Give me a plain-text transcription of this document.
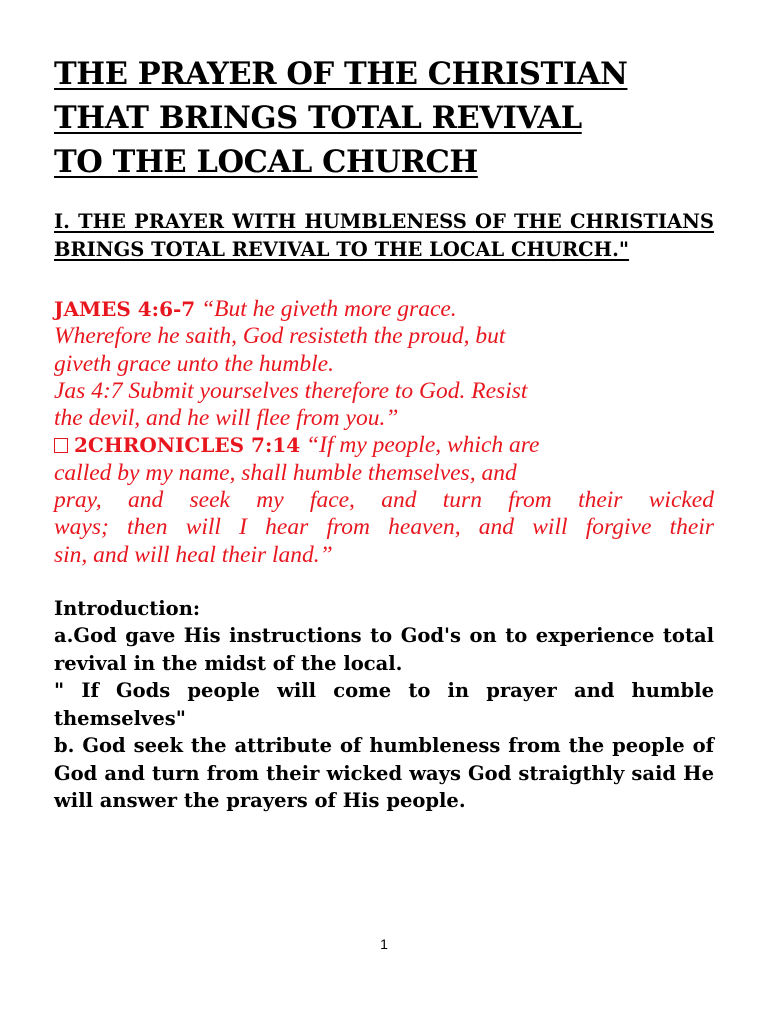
THE PRAYER OF THE CHRISTIAN
THAT BRINGS TOTAL REVIVAL
TO THE LOCAL CHURCH
I. THE PRAYER WITH HUMBLENESS OF THE CHRISTIANS BRINGS TOTAL REVIVAL TO THE LOCAL CHURCH."
JAMES 4:6-7 “But he giveth more grace.
Wherefore he saith, God resisteth the proud, but
giveth grace unto the humble.
Jas 4:7 Submit yourselves therefore to God. Resist
the devil, and he will flee from you.”
2CHRONICLES 7:14 “If my people, which are
called by my name, shall humble themselves, and
pray, and seek my face, and turn from their wicked
ways; then will I hear from heaven, and will forgive their
sin, and will heal their land.”

Introduction:

a.God gave His instructions to God's on to experience total revival in the midst of the local.

" If Gods people will come to in prayer and humble themselves"

b. God seek the attribute of humbleness from the people of God and turn from their wicked ways God straigthly said He will answer the prayers of His people.

1
